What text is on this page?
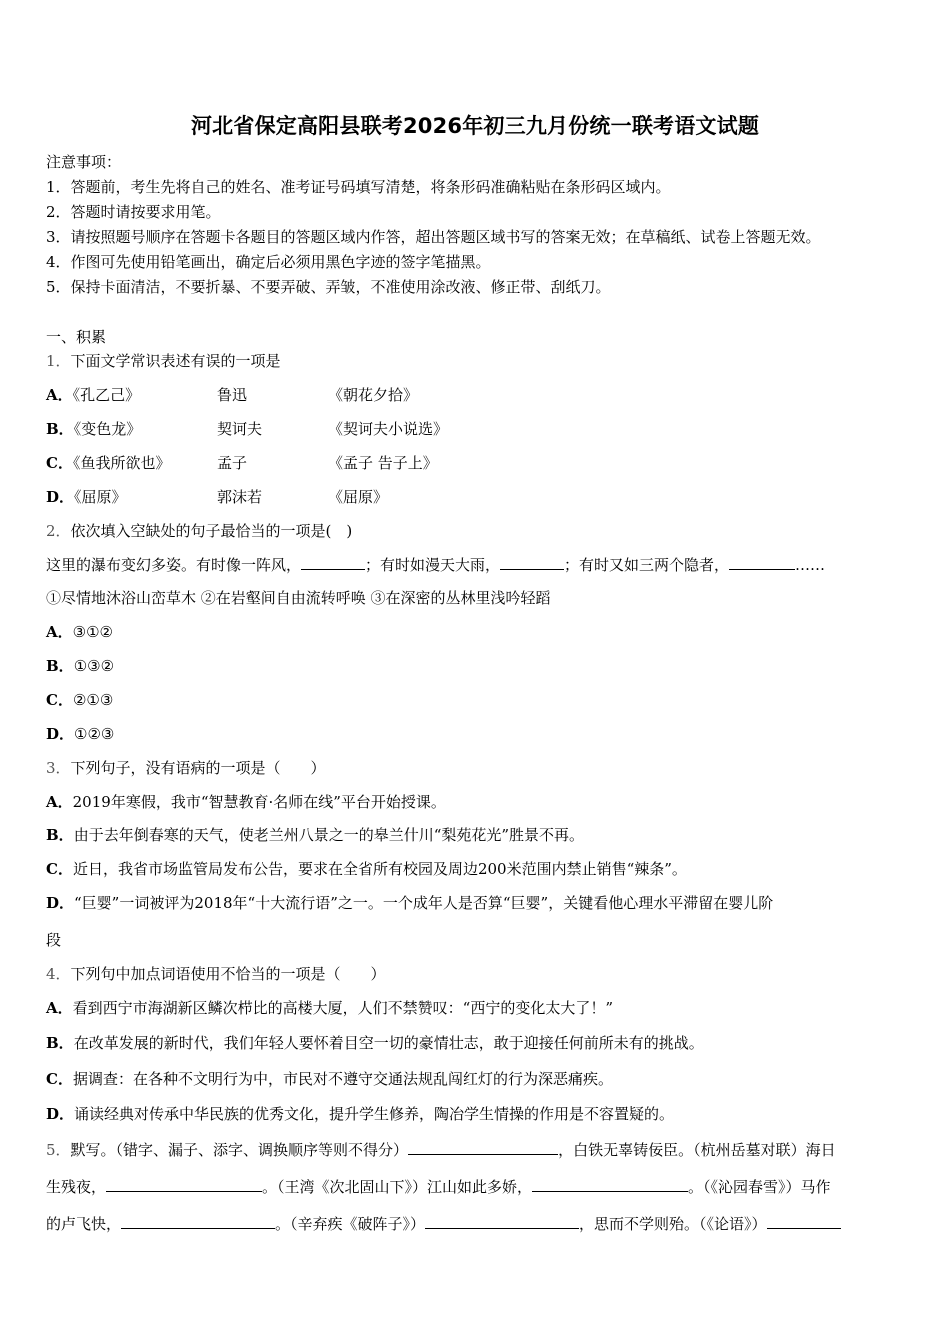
河北省保定高阳县联考2026年初三九月份统一联考语文试题
注意事项：
1．答题前，考生先将自己的姓名、准考证号码填写清楚，将条形码准确粘贴在条形码区域内。
2．答题时请按要求用笔。
3．请按照题号顺序在答题卡各题目的答题区域内作答，超出答题区域书写的答案无效；在草稿纸、试卷上答题无效。
4．作图可先使用铅笔画出，确定后必须用黑色字迹的签字笔描黑。
5．保持卡面清洁，不要折暴、不要弄破、弄皱，不准使用涂改液、修正带、刮纸刀。
一、积累
1．下面文学常识表述有误的一项是
A．《孔乙己》	鲁迅	《朝花夕拾》
B．《变色龙》	契诃夫	《契诃夫小说选》
C．《鱼我所欲也》	孟子	《孟子 告子上》
D．《屈原》	郭沫若	《屈原》
2．依次填入空缺处的句子最恰当的一项是(　)
这里的瀑布变幻多姿。有时像一阵风，	；有时如漫天大雨，	；有时又如三两个隐者，	……
①尽情地沐浴山峦草木 ②在岩壑间自由流转呼唤 ③在深密的丛林里浅吟轻蹈
A．③①②
B．①③②
C．②①③
D．①②③
3．下列句子，没有语病的一项是（　　）
A．2019年寒假，我市“智慧教育·名师在线”平台开始授课。
B．由于去年倒春寒的天气，使老兰州八景之一的皋兰什川“梨苑花光”胜景不再。
C．近日，我省市场监管局发布公告，要求在全省所有校园及周边200米范围内禁止销售“辣条”。
D．“巨婴”一词被评为2018年“十大流行语”之一。一个成年人是否算“巨婴”，关键看他心理水平滞留在婴儿阶
段
4．下列句中加点词语使用不恰当的一项是（　　）
A．看到西宁市海湖新区鳞次栉比的高楼大厦，人们不禁赞叹：“西宁的变化太大了！”
B．在改革发展的新时代，我们年轻人要怀着目空一切的豪情壮志，敢于迎接任何前所未有的挑战。
C．据调查：在各种不文明行为中，市民对不遵守交通法规乱闯红灯的行为深恶痛疾。
D．诵读经典对传承中华民族的优秀文化，提升学生修养，陶冶学生情操的作用是不容置疑的。
5．默写。（错字、漏子、添字、调换顺序等则不得分）	，白铁无辜铸佞臣。（杭州岳墓对联）海日
生残夜，	。（王湾《次北固山下》）江山如此多娇，	。（《沁园春雪》）马作
的卢飞快，	。（辛弃疾《破阵子》）	，思而不学则殆。（《论语》）
